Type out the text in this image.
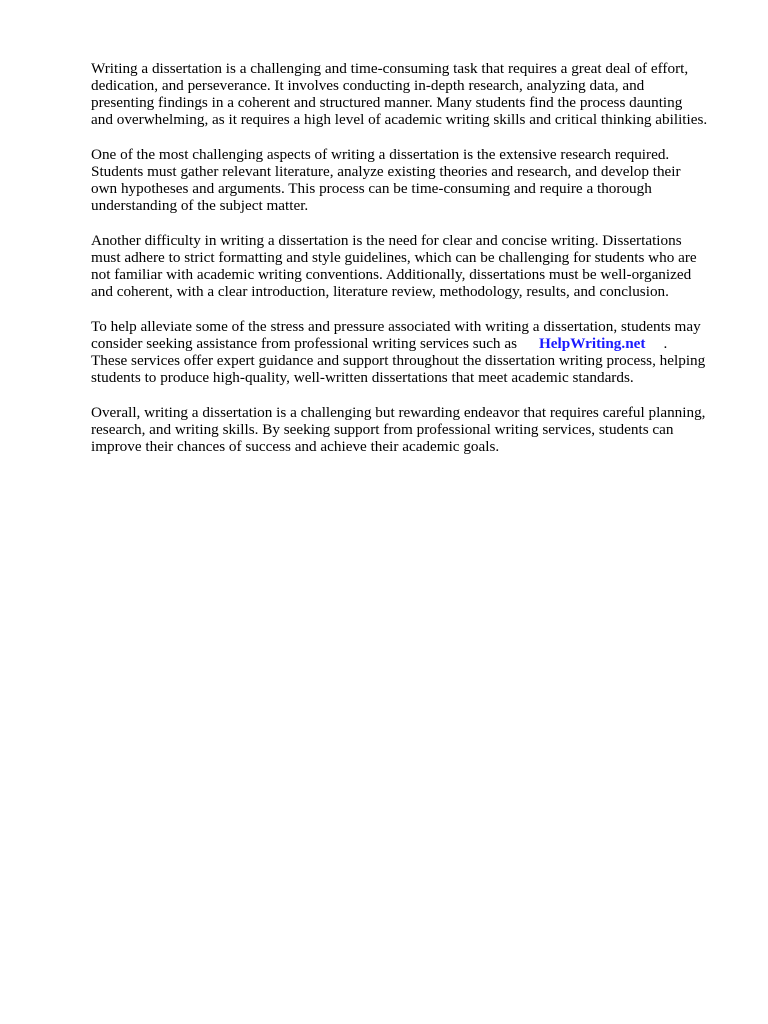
Writing a dissertation is a challenging and time-consuming task that requires a great deal of effort,
dedication, and perseverance. It involves conducting in-depth research, analyzing data, and
presenting findings in a coherent and structured manner. Many students find the process daunting
and overwhelming, as it requires a high level of academic writing skills and critical thinking abilities.

One of the most challenging aspects of writing a dissertation is the extensive research required.
Students must gather relevant literature, analyze existing theories and research, and develop their
own hypotheses and arguments. This process can be time-consuming and require a thorough
understanding of the subject matter.

Another difficulty in writing a dissertation is the need for clear and concise writing. Dissertations
must adhere to strict formatting and style guidelines, which can be challenging for students who are
not familiar with academic writing conventions. Additionally, dissertations must be well-organized
and coherent, with a clear introduction, literature review, methodology, results, and conclusion.

To help alleviate some of the stress and pressure associated with writing a dissertation, students may
consider seeking assistance from professional writing services such as HelpWriting.net .
These services offer expert guidance and support throughout the dissertation writing process, helping
students to produce high-quality, well-written dissertations that meet academic standards.

Overall, writing a dissertation is a challenging but rewarding endeavor that requires careful planning,
research, and writing skills. By seeking support from professional writing services, students can
improve their chances of success and achieve their academic goals.
